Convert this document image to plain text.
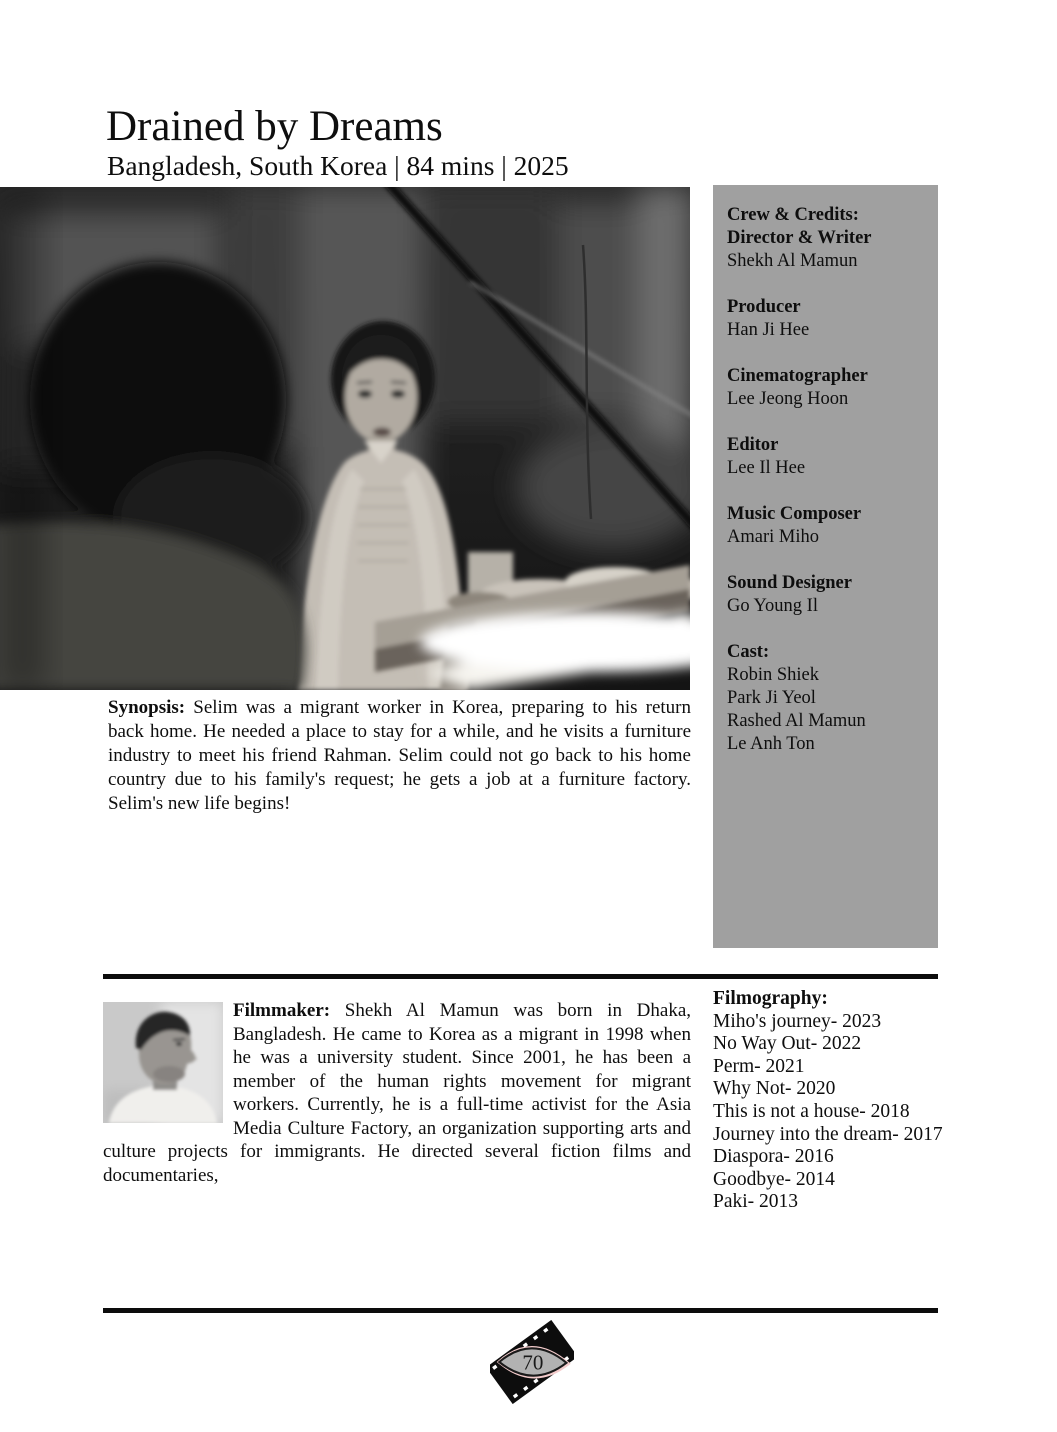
Drained by Dreams
Bangladesh, South Korea | 84 mins | 2025
Crew & Credits:
Director & Writer
Shekh Al Mamun
Producer
Han Ji Hee
Cinematographer
Lee Jeong Hoon
Editor
Lee Il Hee
Music Composer
Amari Miho
Sound Designer
Go Young Il
Cast:
Robin Shiek
Park Ji Yeol
Rashed Al Mamun
Le Anh Ton
Synopsis: Selim was a migrant worker in Korea, preparing to his return back home. He needed a place to stay for a while, and he visits a furniture industry to meet his friend Rahman. Selim could not go back to his home country due to his family's request; he gets a job at a furniture factory. Selim's new life begins!
Filmmaker: Shekh Al Mamun was born in Dhaka, Bangladesh. He came to Korea as a migrant in 1998 when he was a university student. Since 2001, he has been a member of the human rights movement for migrant workers. Currently, he is a full-time activist for the Asia Media Culture Factory, an organization supporting arts and culture projects for immigrants. He directed several fiction films and documentaries,
Filmography:
Miho's journey- 2023
No Way Out- 2022
Perm- 2021
Why Not- 2020
This is not a house- 2018
Journey into the dream- 2017
Diaspora- 2016
Goodbye- 2014
Paki- 2013
70
